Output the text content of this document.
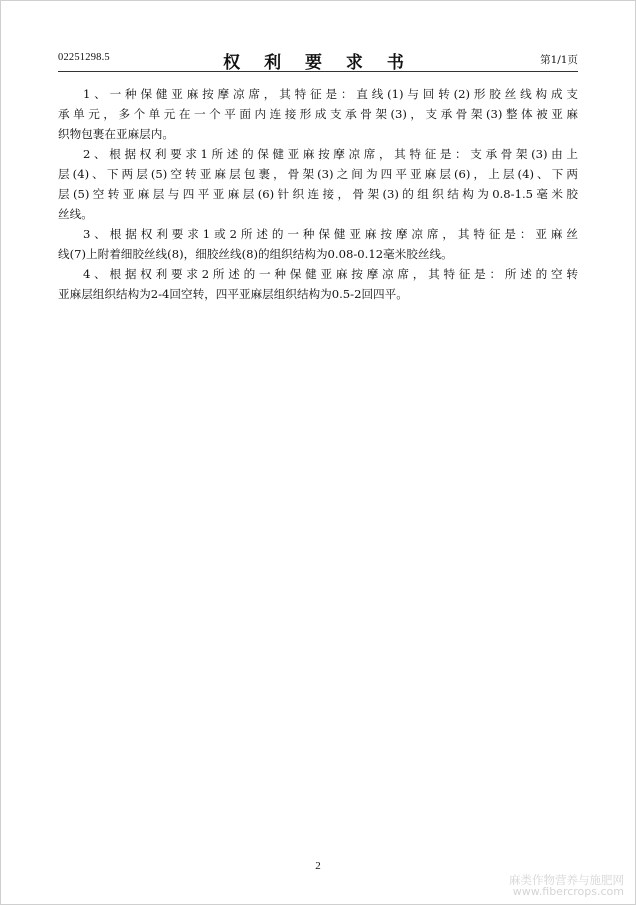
02251298.5	权 利 要 求 书	第1/1页
1、一种保健亚麻按摩凉席，其特征是：直线(1)与回转(2)形胶丝线构成支
承单元，多个单元在一个平面内连接形成支承骨架(3)，支承骨架(3)整体被亚麻
织物包裹在亚麻层内。
2、根据权利要求1所述的保健亚麻按摩凉席，其特征是：支承骨架(3)由上
层(4)、下两层(5)空转亚麻层包裹，骨架(3)之间为四平亚麻层(6)，上层(4)、下两
层(5)空转亚麻层与四平亚麻层(6)针织连接，骨架(3)的组织结构为0.8-1.5毫米胶
丝线。
3、根据权利要求1或2所述的一种保健亚麻按摩凉席，其特征是：亚麻丝
线(7)上附着细胶丝线(8)，细胶丝线(8)的组织结构为0.08-0.12毫米胶丝线。
4、根据权利要求2所述的一种保健亚麻按摩凉席，其特征是：所述的空转
亚麻层组织结构为2-4回空转，四平亚麻层组织结构为0.5-2回四平。
2
麻类作物营养与施肥网
www.fibercrops.com
